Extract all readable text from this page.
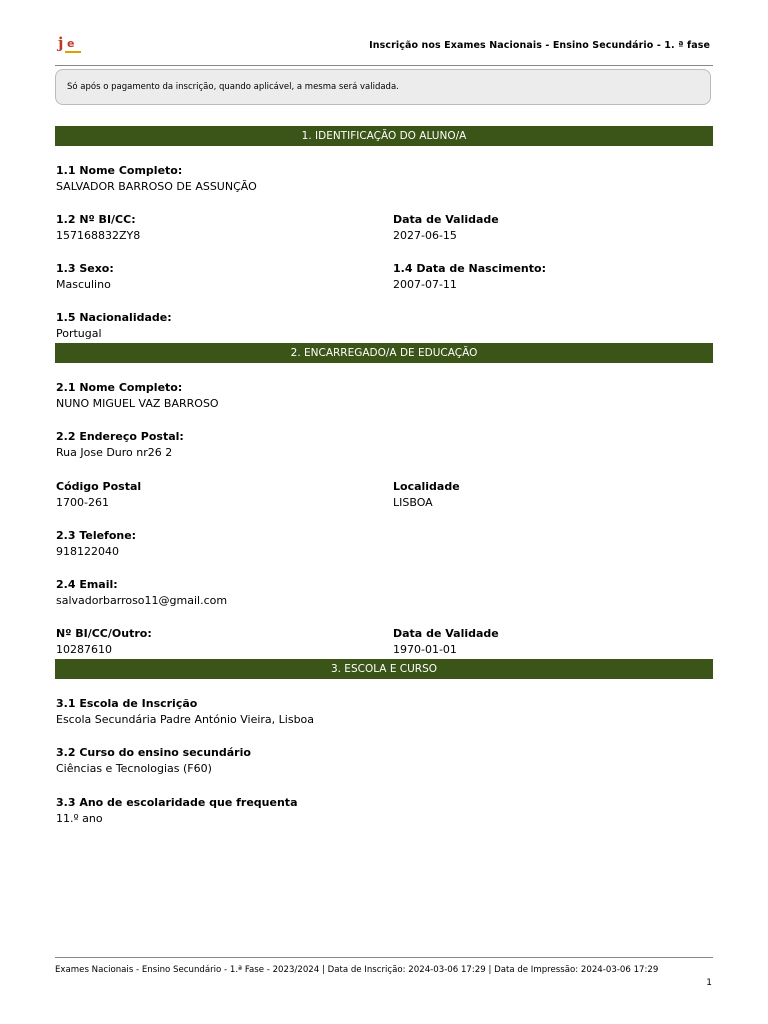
j e	Inscrição nos Exames Nacionais - Ensino Secundário - 1. ª fase
Só após o pagamento da inscrição, quando aplicável, a mesma será validada.
1. IDENTIFICAÇÃO DO ALUNO/A
1.1 Nome Completo:
SALVADOR BARROSO DE ASSUNÇÃO
1.2 Nº BI/CC:
157168832ZY8
Data de Validade
2027-06-15
1.3 Sexo:
Masculino
1.4 Data de Nascimento:
2007-07-11
1.5 Nacionalidade:
Portugal
2. ENCARREGADO/A DE EDUCAÇÃO
2.1 Nome Completo:
NUNO MIGUEL VAZ BARROSO
2.2 Endereço Postal:
Rua Jose Duro nr26 2
Código Postal
1700-261
Localidade
LISBOA
2.3 Telefone:
918122040
2.4 Email:
salvadorbarroso11@gmail.com
Nº BI/CC/Outro:
10287610
Data de Validade
1970-01-01
3. ESCOLA E CURSO
3.1 Escola de Inscrição
Escola Secundária Padre António Vieira, Lisboa
3.2 Curso do ensino secundário
Ciências e Tecnologias (F60)
3.3 Ano de escolaridade que frequenta
11.º ano
Exames Nacionais - Ensino Secundário - 1.ª Fase - 2023/2024 | Data de Inscrição: 2024-03-06 17:29 | Data de Impressão: 2024-03-06 17:29
1
